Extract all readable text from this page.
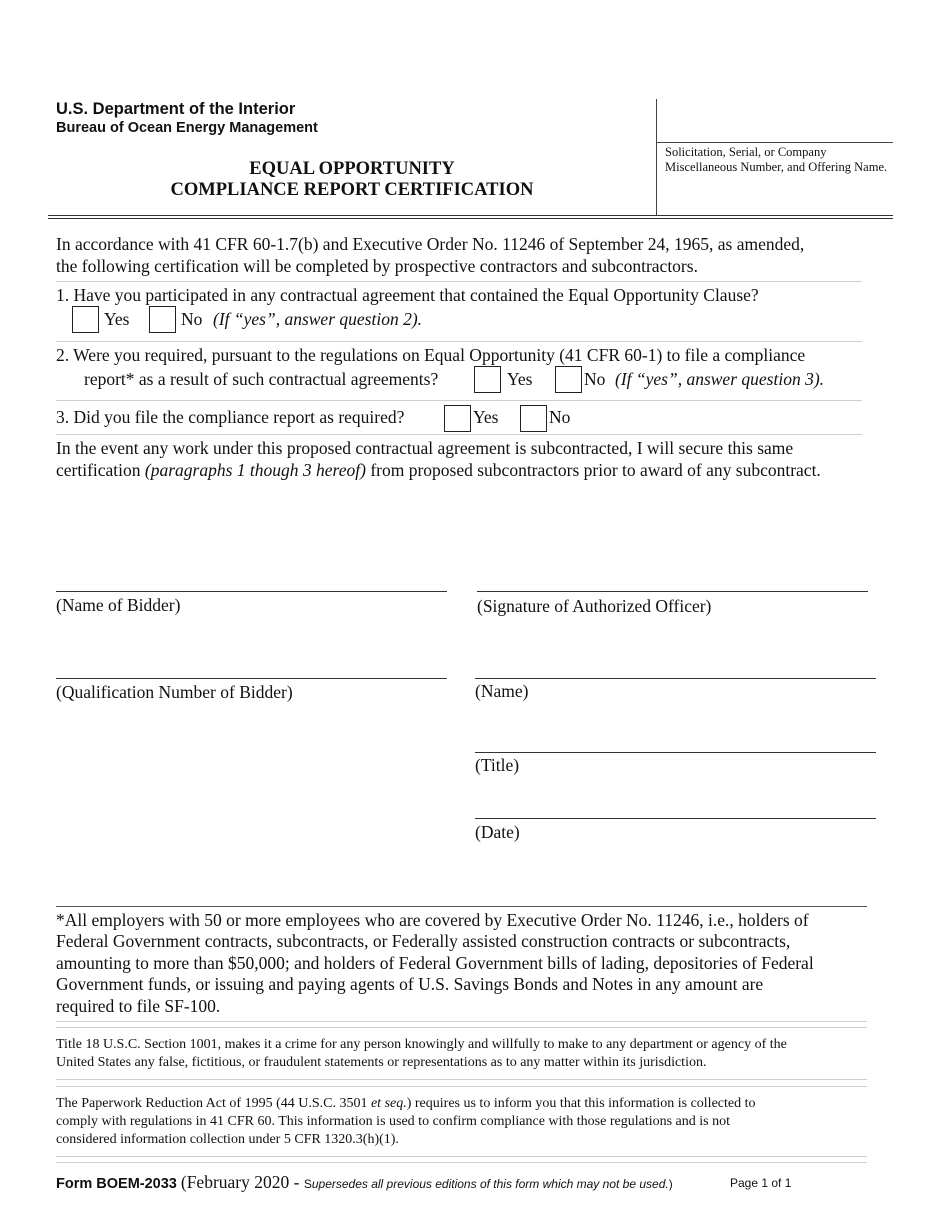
U.S. Department of the Interior
Bureau of Ocean Energy Management
EQUAL OPPORTUNITY
COMPLIANCE REPORT CERTIFICATION
Solicitation, Serial, or Company
Miscellaneous Number, and Offering Name.
In accordance with 41 CFR 60-1.7(b) and Executive Order No. 11246 of September 24, 1965, as amended,
the following certification will be completed by prospective contractors and subcontractors.
1. Have you participated in any contractual agreement that contained the Equal Opportunity Clause?
Yes	No (If “yes”, answer question 2).
2. Were you required, pursuant to the regulations on Equal Opportunity (41 CFR 60-1) to file a compliance
report* as a result of such contractual agreements?	Yes	No (If “yes”, answer question 3).
3. Did you file the compliance report as required?	Yes	No
In the event any work under this proposed contractual agreement is subcontracted, I will secure this same
certification (paragraphs 1 though 3 hereof) from proposed subcontractors prior to award of any subcontract.
(Name of Bidder)	(Signature of Authorized Officer)
(Qualification Number of Bidder)	(Name)
(Title)
(Date)
*All employers with 50 or more employees who are covered by Executive Order No. 11246, i.e., holders of
Federal Government contracts, subcontracts, or Federally assisted construction contracts or subcontracts,
amounting to more than $50,000; and holders of Federal Government bills of lading, depositories of Federal
Government funds, or issuing and paying agents of U.S. Savings Bonds and Notes in any amount are
required to file SF-100.
Title 18 U.S.C. Section 1001, makes it a crime for any person knowingly and willfully to make to any department or agency of the
United States any false, fictitious, or fraudulent statements or representations as to any matter within its jurisdiction.
The Paperwork Reduction Act of 1995 (44 U.S.C. 3501 et seq.) requires us to inform you that this information is collected to
comply with regulations in 41 CFR 60. This information is used to confirm compliance with those regulations and is not
considered information collection under 5 CFR 1320.3(h)(1).
Form BOEM-2033 (February 2020 - Supersedes all previous editions of this form which may not be used.)	Page 1 of 1
